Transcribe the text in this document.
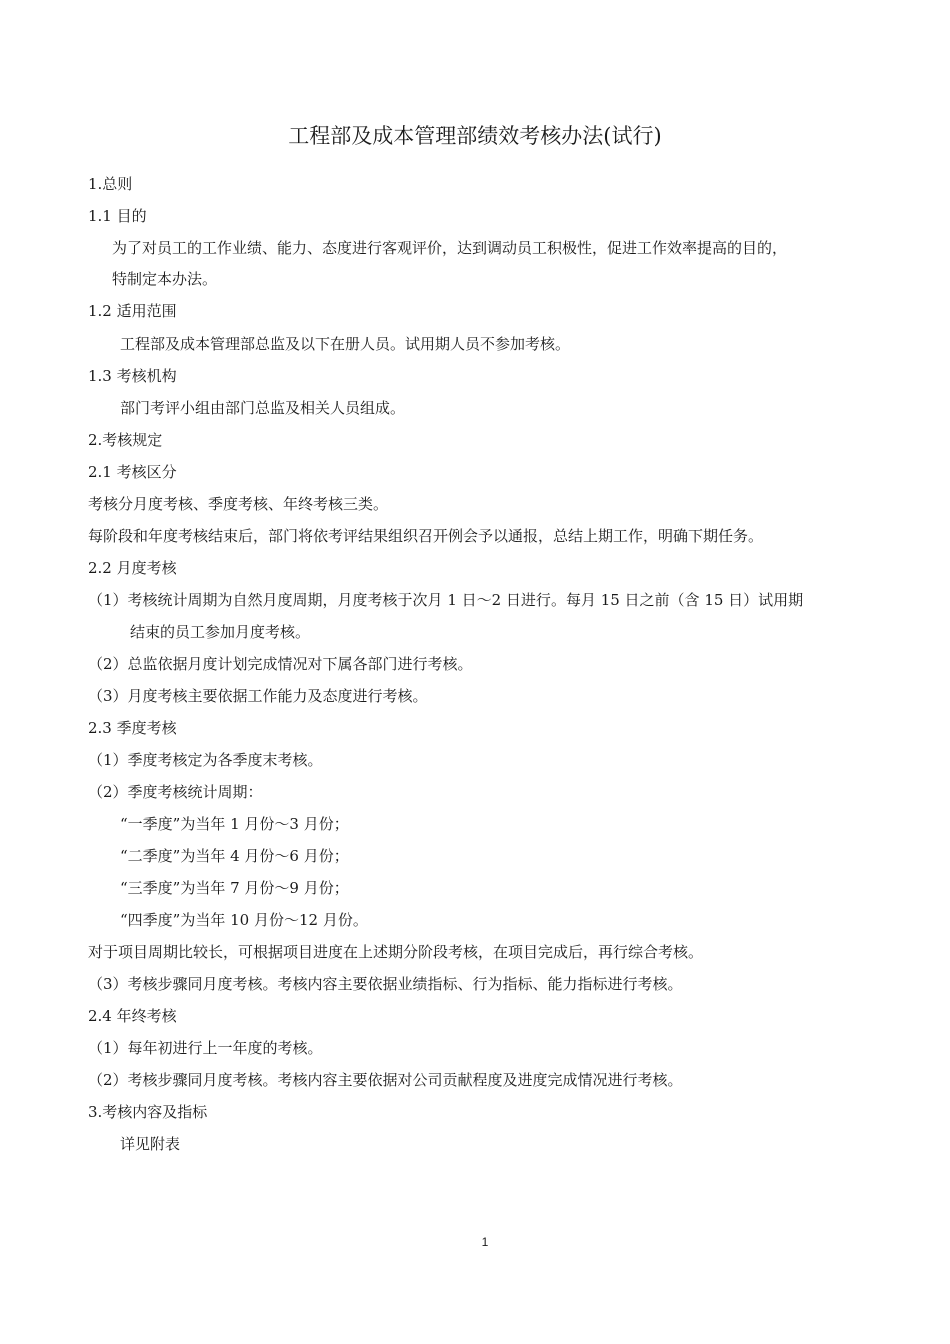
工程部及成本管理部绩效考核办法(试行)
1.总则
1.1 目的
为了对员工的工作业绩、能力、态度进行客观评价，达到调动员工积极性，促进工作效率提高的目的，
特制定本办法。
1.2 适用范围
工程部及成本管理部总监及以下在册人员。试用期人员不参加考核。
1.3 考核机构
部门考评小组由部门总监及相关人员组成。
2.考核规定
2.1 考核区分
考核分月度考核、季度考核、年终考核三类。
每阶段和年度考核结束后，部门将依考评结果组织召开例会予以通报，总结上期工作，明确下期任务。
2.2 月度考核
（1）考核统计周期为自然月度周期，月度考核于次月 1 日～2 日进行。每月 15 日之前（含 15 日）试用期
结束的员工参加月度考核。
（2）总监依据月度计划完成情况对下属各部门进行考核。
（3）月度考核主要依据工作能力及态度进行考核。
2.3 季度考核
（1）季度考核定为各季度末考核。
（2）季度考核统计周期：
“一季度”为当年 1 月份～3 月份；
“二季度”为当年 4 月份～6 月份；
“三季度”为当年 7 月份～9 月份；
“四季度”为当年 10 月份～12 月份。
对于项目周期比较长，可根据项目进度在上述期分阶段考核，在项目完成后，再行综合考核。
（3）考核步骤同月度考核。考核内容主要依据业绩指标、行为指标、能力指标进行考核。
2.4 年终考核
（1）每年初进行上一年度的考核。
（2）考核步骤同月度考核。考核内容主要依据对公司贡献程度及进度完成情况进行考核。
3.考核内容及指标
详见附表
1
